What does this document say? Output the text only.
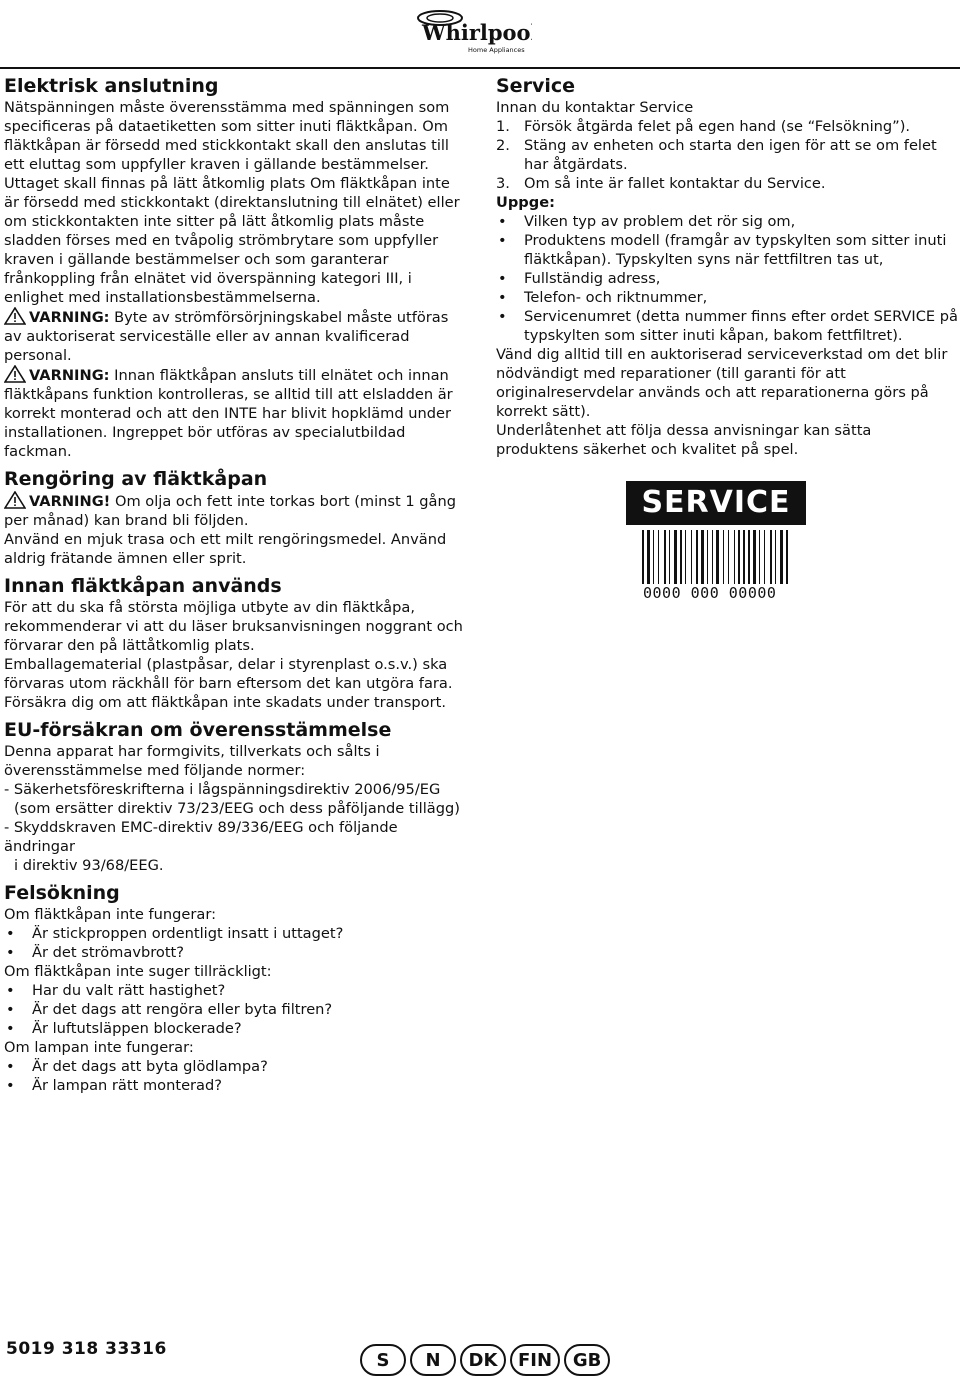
Whirlpool
Home Appliances
Elektrisk anslutning

Nätspänningen måste överensstämma med spänningen som specificeras på dataetiketten som sitter inuti fläktkåpan. Om fläktkåpan är försedd med stickkontakt skall den anslutas till ett eluttag som uppfyller kraven i gällande bestämmelser. Uttaget skall finnas på lätt åtkomlig plats Om fläktkåpan inte är försedd med stickkontakt (direktanslutning till elnätet) eller om stickkontakten inte sitter på lätt åtkomlig plats måste sladden förses med en tvåpolig strömbrytare som uppfyller kraven i gällande bestämmelser och som garanterar frånkoppling från elnätet vid överspänning kategori III, i enlighet med installationsbestämmelserna.

VARNING: Byte av strömförsörjningskabel måste utföras av auktoriserat serviceställe eller av annan kvalificerad personal.

VARNING: Innan fläktkåpan ansluts till elnätet och innan fläktkåpans funktion kontrolleras, se alltid till att elsladden är korrekt monterad och att den INTE har blivit hopklämd under installationen. Ingreppet bör utföras av specialutbildad fackman.

Rengöring av fläktkåpan

VARNING! Om olja och fett inte torkas bort (minst 1 gång per månad) kan brand bli följden.

Använd en mjuk trasa och ett milt rengöringsmedel. Använd aldrig frätande ämnen eller sprit.

Innan fläktkåpan används

För att du ska få största möjliga utbyte av din fläktkåpa, rekommenderar vi att du läser bruksanvisningen noggrant och förvarar den på lättåtkomlig plats.

Emballagematerial (plastpåsar, delar i styrenplast o.s.v.) ska förvaras utom räckhåll för barn eftersom det kan utgöra fara.

Försäkra dig om att fläktkåpan inte skadats under transport.

EU-försäkran om överensstämmelse

Denna apparat har formgivits, tillverkats och sålts i överensstämmelse med följande normer:

- Säkerhetsföreskrifterna i lågspänningsdirektiv 2006/95/EG

(som ersätter direktiv 73/23/EEG och dess påföljande tillägg)

- Skyddskraven EMC-direktiv 89/336/EEG och följande ändringar

i direktiv 93/68/EEG.

Felsökning

Om fläktkåpan inte fungerar:

• Är stickproppen ordentligt insatt i uttaget?
• Är det strömavbrott?

Om fläktkåpan inte suger tillräckligt:

• Har du valt rätt hastighet?
• Är det dags att rengöra eller byta filtren?
• Är luftutsläppen blockerade?

Om lampan inte fungerar:

• Är det dags att byta glödlampa?
• Är lampan rätt monterad?
Service

Innan du kontaktar Service

1. Försök åtgärda felet på egen hand (se “Felsökning”).
2. Stäng av enheten och starta den igen för att se om felet har åtgärdats.
3. Om så inte är fallet kontaktar du Service.

Uppge:

• Vilken typ av problem det rör sig om,
• Produktens modell (framgår av typskylten som sitter inuti fläktkåpan). Typskylten syns när fettfiltren tas ut,
• Fullständig adress,
• Telefon- och riktnummer,
• Servicenumret (detta nummer finns efter ordet SERVICE på typskylten som sitter inuti kåpan, bakom fettfiltret).

Vänd dig alltid till en auktoriserad serviceverkstad om det blir nödvändigt med reparationer (till garanti för att originalreservdelar används och att reparationerna görs på korrekt sätt).

Underlåtenhet att följa dessa anvisningar kan sätta produktens säkerhet och kvalitet på spel.

SERVICE
0000 000 00000
5019 318 33316
S	N	DK	FIN	GB
